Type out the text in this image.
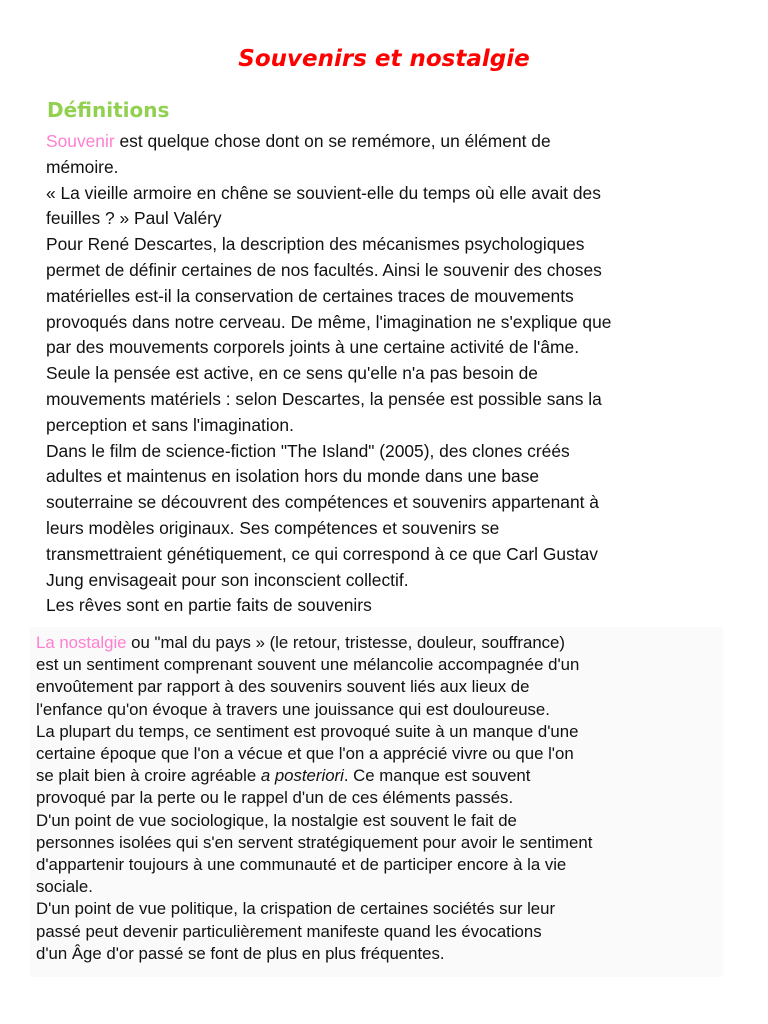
Souvenirs et nostalgie
Définitions
Souvenir est quelque chose dont on se remémore, un élément de
mémoire.
« La vieille armoire en chêne se souvient-elle du temps où elle avait des
feuilles ? » Paul Valéry
Pour René Descartes, la description des mécanismes psychologiques
permet de définir certaines de nos facultés. Ainsi le souvenir des choses
matérielles est-il la conservation de certaines traces de mouvements
provoqués dans notre cerveau. De même, l'imagination ne s'explique que
par des mouvements corporels joints à une certaine activité de l'âme.
Seule la pensée est active, en ce sens qu'elle n'a pas besoin de
mouvements matériels : selon Descartes, la pensée est possible sans la
perception et sans l'imagination.
Dans le film de science-fiction "The Island" (2005), des clones créés
adultes et maintenus en isolation hors du monde dans une base
souterraine se découvrent des compétences et souvenirs appartenant à
leurs modèles originaux. Ses compétences et souvenirs se
transmettraient génétiquement, ce qui correspond à ce que Carl Gustav
Jung envisageait pour son inconscient collectif.
Les rêves sont en partie faits de souvenirs
La nostalgie ou "mal du pays » (le retour, tristesse, douleur, souffrance)
est un sentiment comprenant souvent une mélancolie accompagnée d'un
envoûtement par rapport à des souvenirs souvent liés aux lieux de
l'enfance qu'on évoque à travers une jouissance qui est douloureuse.
La plupart du temps, ce sentiment est provoqué suite à un manque d'une
certaine époque que l'on a vécue et que l'on a apprécié vivre ou que l'on
se plait bien à croire agréable a posteriori. Ce manque est souvent
provoqué par la perte ou le rappel d'un de ces éléments passés.
D'un point de vue sociologique, la nostalgie est souvent le fait de
personnes isolées qui s'en servent stratégiquement pour avoir le sentiment
d'appartenir toujours à une communauté et de participer encore à la vie
sociale.
D'un point de vue politique, la crispation de certaines sociétés sur leur
passé peut devenir particulièrement manifeste quand les évocations
d'un Âge d'or passé se font de plus en plus fréquentes.
